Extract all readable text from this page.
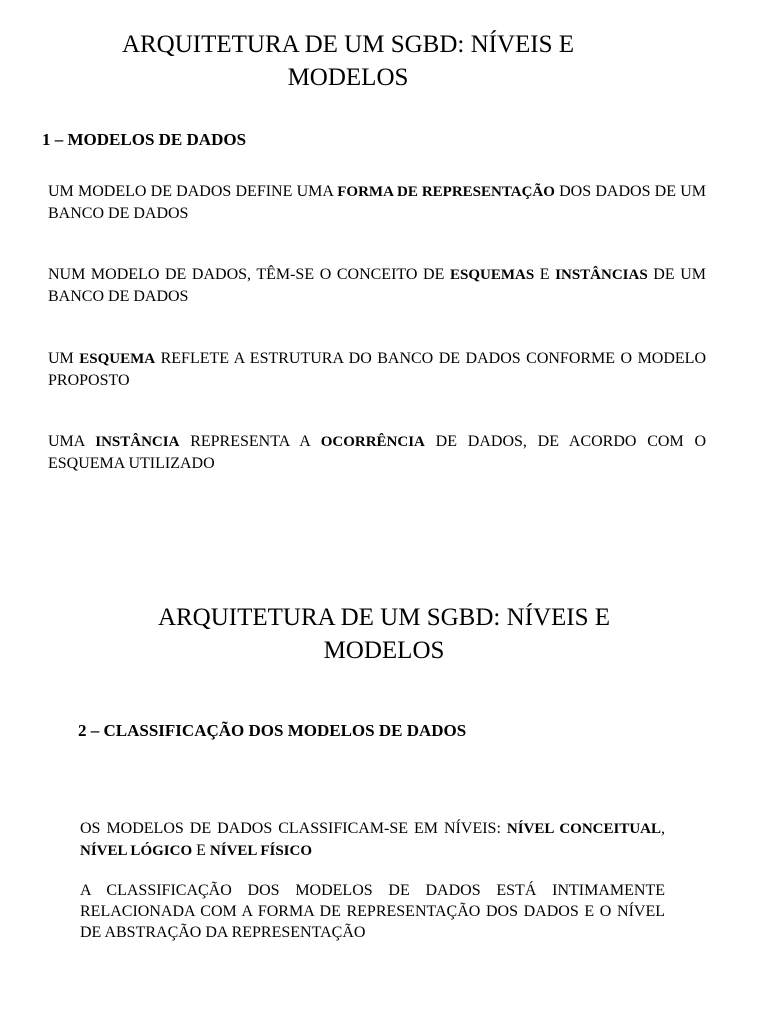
ARQUITETURA DE UM SGBD: NÍVEIS E MODELOS
1 – MODELOS DE DADOS
UM MODELO DE DADOS DEFINE UMA FORMA DE REPRESENTAÇÃO DOS DADOS DE UM BANCO DE DADOS
NUM MODELO DE DADOS, TÊM-SE O CONCEITO DE ESQUEMAS E INSTÂNCIAS DE UM BANCO DE DADOS
UM ESQUEMA REFLETE A ESTRUTURA DO BANCO DE DADOS CONFORME O MODELO PROPOSTO
UMA INSTÂNCIA REPRESENTA A OCORRÊNCIA DE DADOS, DE ACORDO COM O ESQUEMA UTILIZADO
ARQUITETURA DE UM SGBD: NÍVEIS E MODELOS
2 – CLASSIFICAÇÃO DOS MODELOS DE DADOS
OS MODELOS DE DADOS CLASSIFICAM-SE EM NÍVEIS: NÍVEL CONCEITUAL, NÍVEL LÓGICO E NÍVEL FÍSICO
A CLASSIFICAÇÃO DOS MODELOS DE DADOS ESTÁ INTIMAMENTE RELACIONADA COM A FORMA DE REPRESENTAÇÃO DOS DADOS E O NÍVEL DE ABSTRAÇÃO DA REPRESENTAÇÃO
